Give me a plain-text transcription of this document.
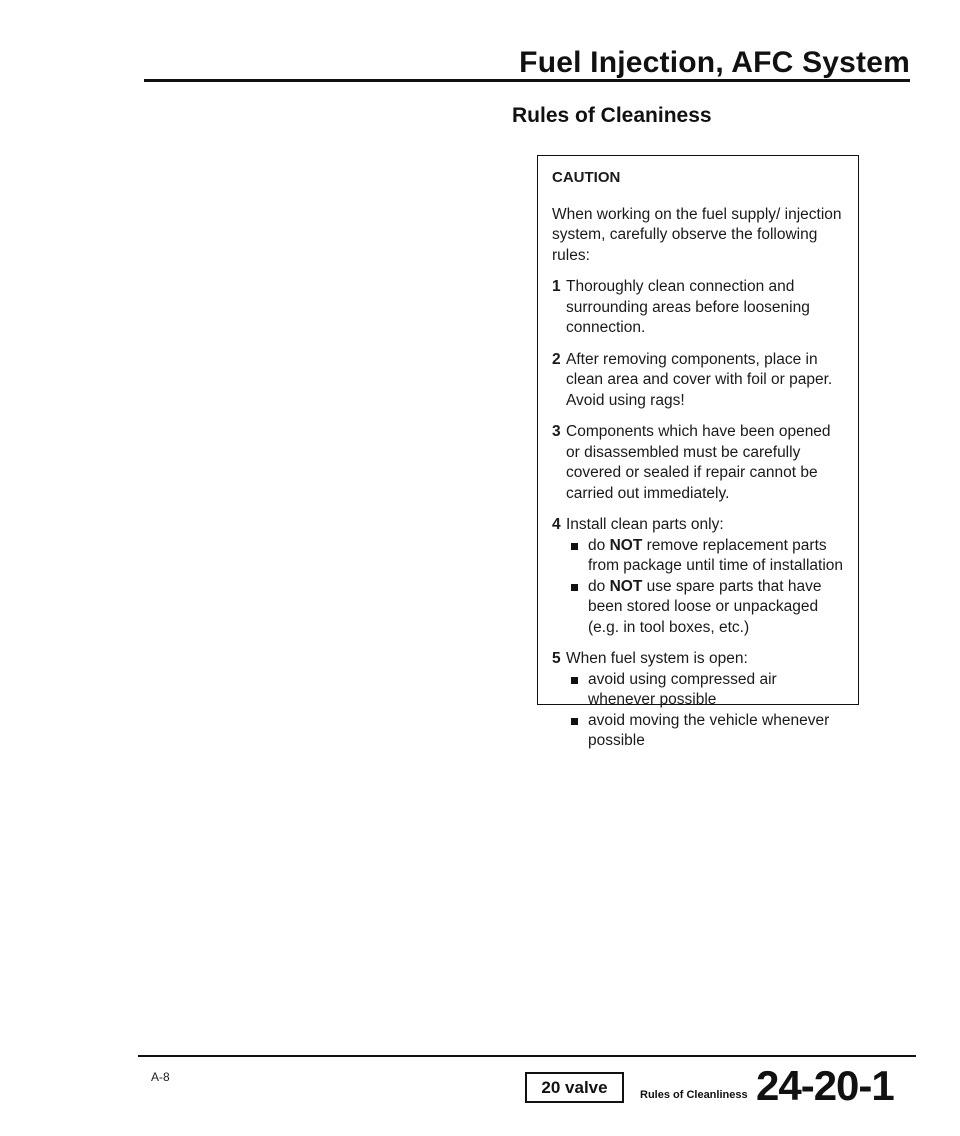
Fuel Injection, AFC System
Rules of Cleaniness
CAUTION
When working on the fuel supply/ injection system, carefully observe the following rules:
1 Thoroughly clean connection and surrounding areas before loosening connection.
2 After removing components, place in clean area and cover with foil or paper. Avoid using rags!
3 Components which have been opened or disassembled must be carefully covered or sealed if repair cannot be carried out immediately.
4 Install clean parts only:
do NOT remove replacement parts from package until time of installation
do NOT use spare parts that have been stored loose or unpackaged (e.g. in tool boxes, etc.)
5 When fuel system is open:
avoid using compressed air whenever possible
avoid moving the vehicle whenever possible
A-8
20 valve	Rules of Cleanliness 24-20-1
